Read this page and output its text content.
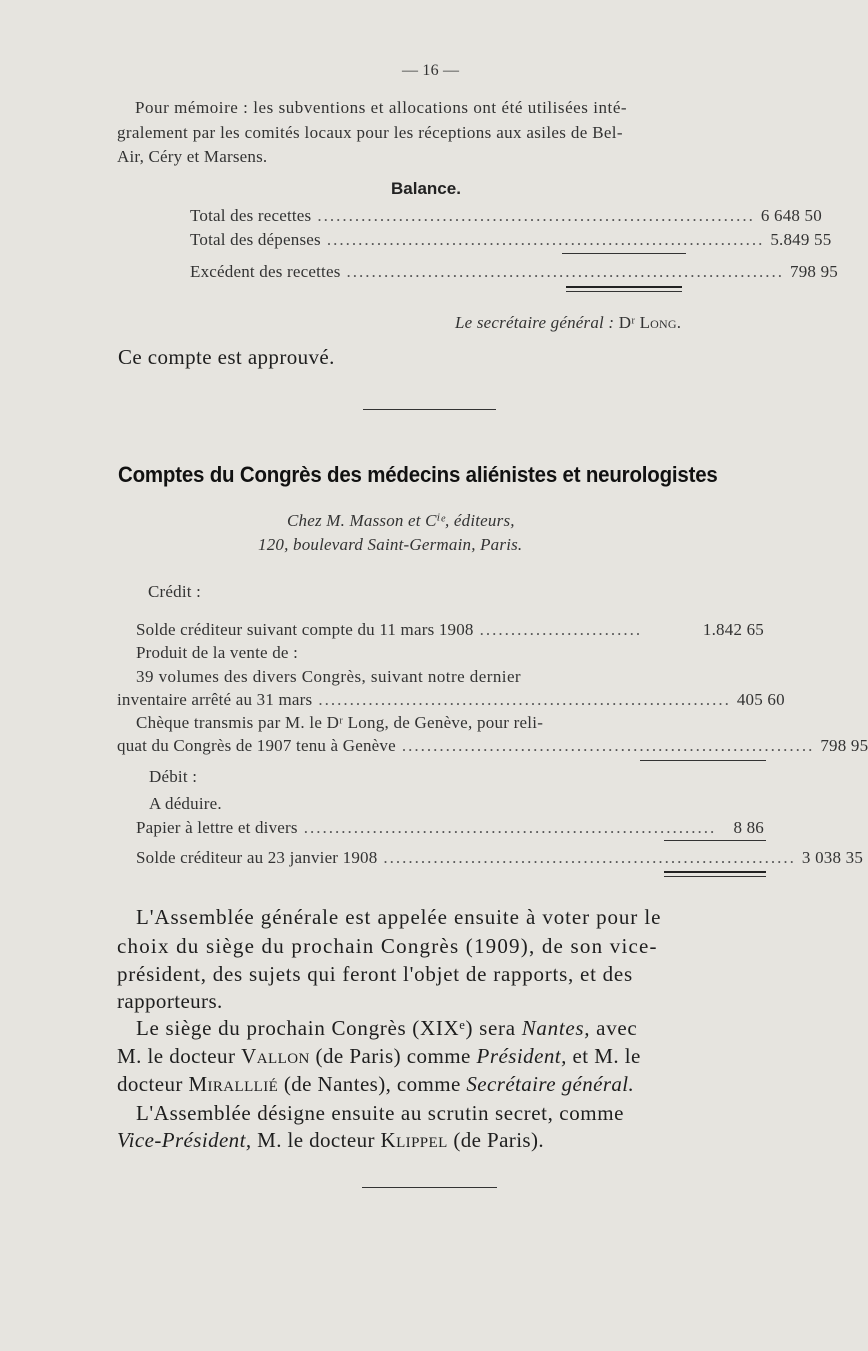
— 16 —
Pour mémoire : les subventions et allocations ont été utilisées inté-
gralement par les comités locaux pour les réceptions aux asiles de Bel-
Air, Céry et Marsens.
Balance.
Total des recettes ...................................................................... 6 648 50
Total des dépenses ...................................................................... 5.849 55
Excédent des recettes ...................................................................... 798 95
Le secrétaire général : Dʳ Long.
Ce compte est approuvé.
Comptes du Congrès des médecins aliénistes et neurologistes
Chez M. Masson et Cⁱᵉ, éditeurs,
120, boulevard Saint-Germain, Paris.
Crédit :
Solde créditeur suivant compte du 11 mars 1908 ..........................	1.842 65
Produit de la vente de :
39 volumes des divers Congrès, suivant notre dernier
inventaire arrêté au 31 mars .................................................................. 405 60
Chèque transmis par M. le Dʳ Long, de Genève, pour reli-
quat du Congrès de 1907 tenu à Genève .................................................................. 798 95
Débit :
A déduire.
Papier à lettre et divers ..................................................................	8 86
Solde créditeur au 23 janvier 1908 .................................................................. 3 038 35
L'Assemblée générale est appelée ensuite à voter pour le
choix du siège du prochain Congrès (1909), de son vice-
président, des sujets qui feront l'objet de rapports, et des
rapporteurs.
Le siège du prochain Congrès (XIXᵉ) sera Nantes, avec
M. le docteur Vallon (de Paris) comme Président, et M. le
docteur Miralllié (de Nantes), comme Secrétaire général.
L'Assemblée désigne ensuite au scrutin secret, comme
Vice-Président, M. le docteur Klippel (de Paris).
